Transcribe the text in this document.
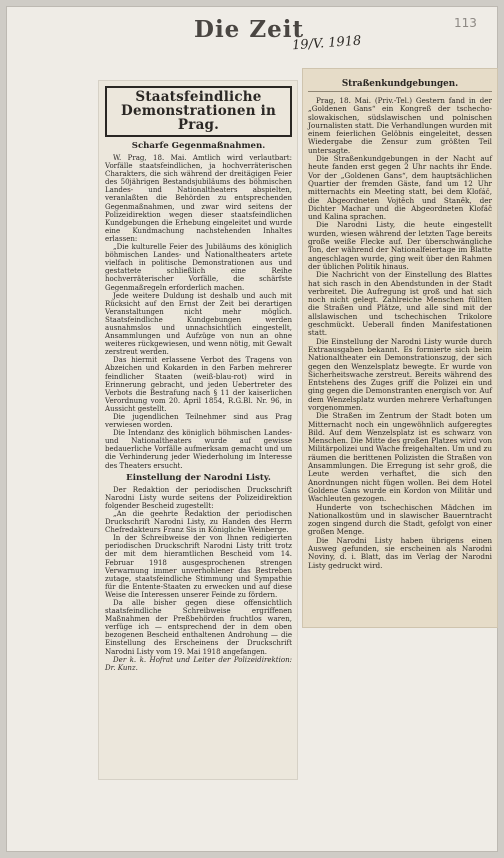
Die Zeit
19/V. 1918
113
Staatsfeindliche Demonstrationen in Prag.
Scharfe Gegenmaßnahmen.

W. Prag, 18. Mai. Amtlich wird verlautbart: Vorfälle staatsfeindlichen, ja hochverräterischen Charakters, die sich während der dreitägigen Feier des 50jährigen Bestandsjubiläums des böhmischen Landes- und Nationaltheaters abspielten, veranlaßten die Behörden zu entsprechenden Gegenmaßnahmen, und zwar wird seitens der Polizeidirektion wegen dieser staatsfeindlichen Kundgebungen die Erhebung eingeleitet und wurde eine Kundmachung nachstehenden Inhaltes erlassen:

„Die kulturelle Feier des Jubiläums des königlich böhmischen Landes- und Nationaltheaters artete vielfach in politische Demonstrationen aus und gestattete schließlich eine Reihe hochverräterischer Vorfälle, die schärfste Gegenmaßregeln erforderlich machen.

Jede weitere Duldung ist deshalb und auch mit Rücksicht auf den Ernst der Zeit bei derartigen Veranstaltungen nicht mehr möglich. Staatsfeindliche Kundgebungen werden ausnahmslos und unnachsichtlich eingestellt, Ansammlungen und Aufzüge von nun an ohne weiteres rückgewiesen, und wenn nötig, mit Gewalt zerstreut werden.

Das hiermit erlassene Verbot des Tragens von Abzeichen und Kokarden in den Farben mehrerer feindlicher Staaten (weiß-blau-rot) wird in Erinnerung gebracht, und jeden Uebertreter des Verbots die Bestrafung nach § 11 der kaiserlichen Verordnung vom 20. April 1854, R.G.Bl. Nr. 96, in Aussicht gestellt.

Die jugendlichen Teilnehmer sind aus Prag verwiesen worden.

Die Intendanz des königlich böhmischen Landes- und Nationaltheaters wurde auf gewisse bedauerliche Vorfälle aufmerksam gemacht und um die Verhinderung jeder Wiederholung im Interesse des Theaters ersucht.

Einstellung der Narodni Listy.

Der Redaktion der periodischen Druckschrift Narodni Listy wurde seitens der Polizeidirektion folgender Bescheid zugestellt:

„An die geehrte Redaktion der periodischen Druckschrift Narodni Listy, zu Handen des Herrn Chefredakteurs Franz Sis in Königliche Weinberge.

In der Schreibweise der von Ihnen redigierten periodischen Druckschrift Narodni Listy tritt trotz der mit dem hieramtlichen Bescheid vom 14. Februar 1918 ausgesprochenen strengen Verwarnung immer unverhohlener das Bestreben zutage, staatsfeindliche Stimmung und Sympathie für die Entente-Staaten zu erwecken und auf diese Weise die Interessen unserer Feinde zu fördern.

Da alle bisher gegen diese offensichtlich staatsfeindliche Schreibweise ergriffenen Maßnahmen der Preßbehörden fruchtlos waren, verfüge ich — entsprechend der in dem oben bezogenen Bescheid enthaltenen Androhung — die Einstellung des Erscheinens der Druckschrift Narodni Listy vom 19. Mai 1918 angefangen.

Der k. k. Hofrat und Leiter der Polizeidirektion: Dr. Kunz.

Straßenkundgebungen.

Prag, 18. Mai. (Priv.-Tel.) Gestern fand in der „Goldenen Gans“ ein Kongreß der tschecho-slowakischen, südslawischen und polnischen Journalisten statt. Die Verhandlungen wurden mit einem feierlichen Gelöbnis eingeleitet, dessen Wiedergabe die Zensur zum größten Teil untersagte.

Die Straßenkundgebungen in der Nacht auf heute fanden erst gegen 2 Uhr nachts ihr Ende. Vor der „Goldenen Gans“, dem hauptsächlichen Quartier der fremden Gäste, fand um 12 Uhr mitternachts ein Meeting statt, bei dem Klofáč, die Abgeordneten Vojtěch und Staněk, der Dichter Machar und die Abgeordneten Klofáč und Kalina sprachen.

Die Narodni Listy, die heute eingestellt wurden, wiesen während der letzten Tage bereits große weiße Flecke auf. Der überschwängliche Ton, der während der Nationalfeiertage im Blatte angeschlagen wurde, ging weit über den Rahmen der üblichen Politik hinaus.

Die Nachricht von der Einstellung des Blattes hat sich rasch in den Abendstunden in der Stadt verbreitet. Die Aufregung ist groß und hat sich noch nicht gelegt. Zahlreiche Menschen füllten die Straßen und Plätze, und alle sind mit der allslawischen und tschechischen Trikolore geschmückt. Ueberall finden Manifestationen statt.

Die Einstellung der Narodni Listy wurde durch Extraausgaben bekannt. Es formierte sich beim Nationaltheater ein Demonstrationszug, der sich gegen den Wenzelsplatz bewegte. Er wurde von Sicherheitswache zerstreut. Bereits während des Entstehens des Zuges griff die Polizei ein und ging gegen die Demonstranten energisch vor. Auf dem Wenzelsplatz wurden mehrere Verhaftungen vorgenommen.

Die Straßen im Zentrum der Stadt boten um Mitternacht noch ein ungewöhnlich aufgeregtes Bild. Auf dem Wenzelsplatz ist es schwarz von Menschen. Die Mitte des großen Platzes wird von Militärpolizei und Wache freigehalten. Um und zu räumen die berittenen Polizisten die Straßen von Ansammlungen. Die Erregung ist sehr groß, die Leute werden verhaftet, die sich den Anordnungen nicht fügen wollen. Bei dem Hotel Goldene Gans wurde ein Kordon von Militär und Wachleuten gezogen.

Hunderte von tschechischen Mädchen im Nationalkostüm und in slawischer Bauerntracht zogen singend durch die Stadt, gefolgt von einer großen Menge.

Die Narodni Listy haben übrigens einen Ausweg gefunden, sie erscheinen als Narodni Noviny, d. i. Blatt, das im Verlag der Narodni Listy gedruckt wird.
